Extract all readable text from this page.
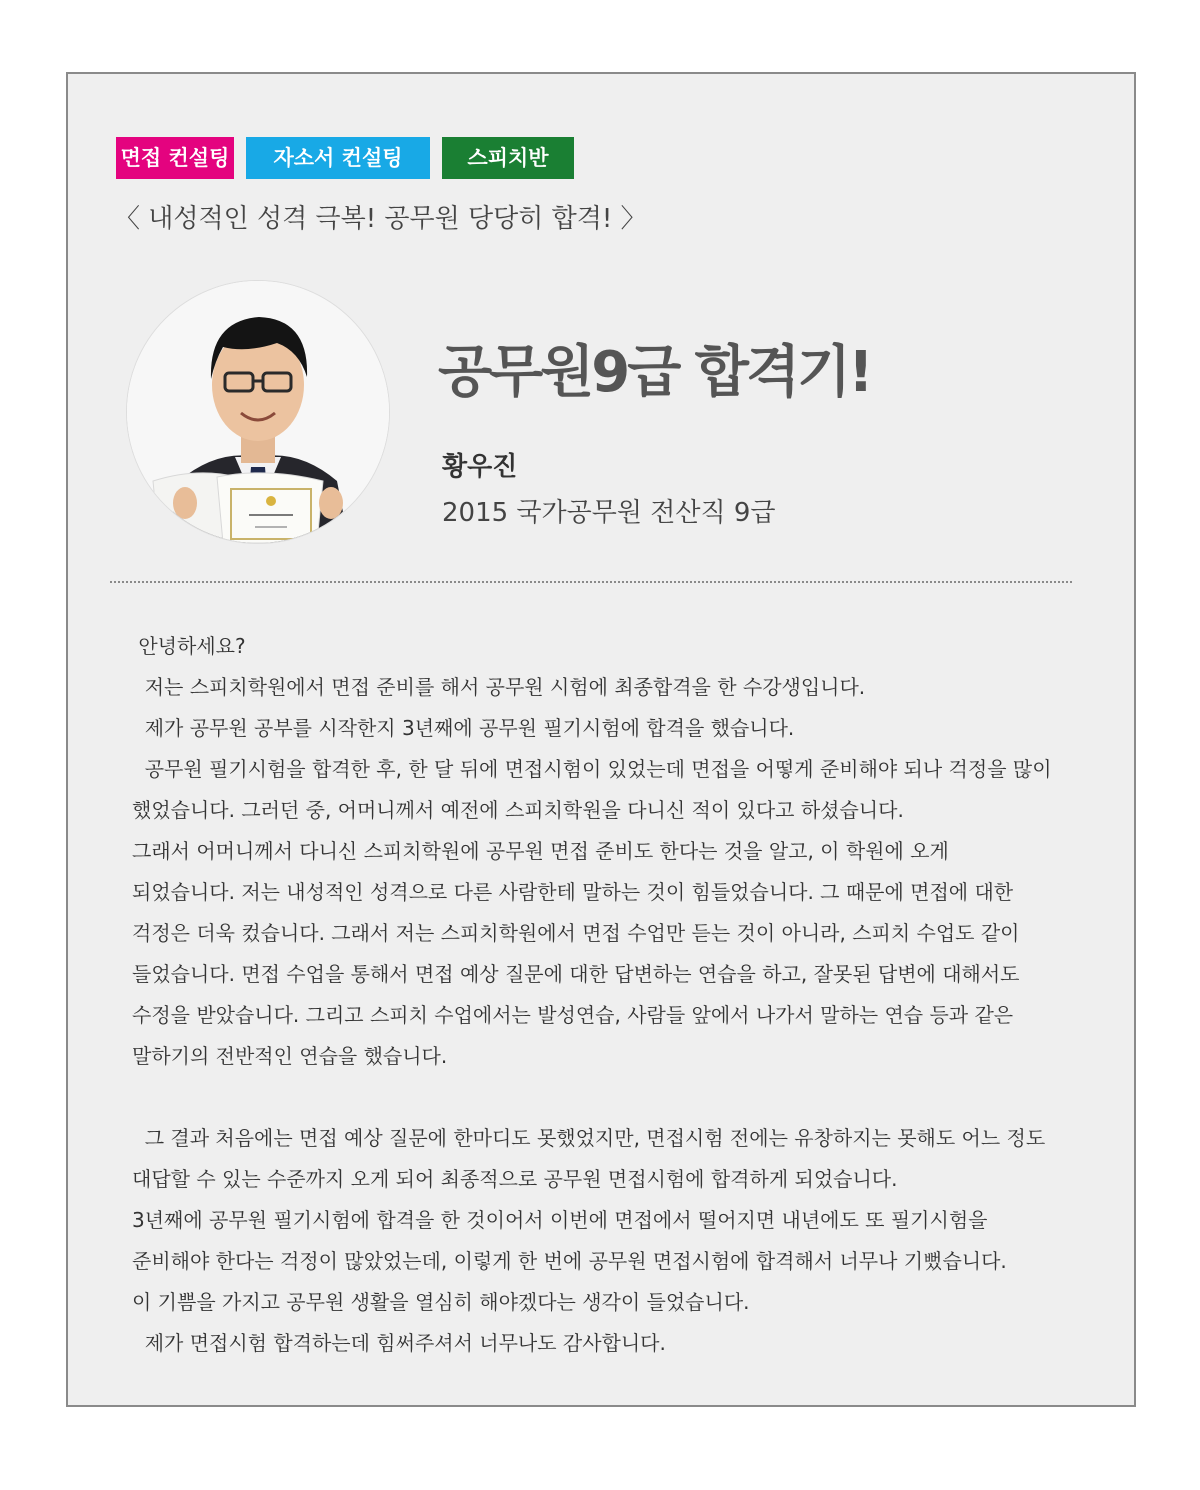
면접 컨설팅	자소서 컨설팅	스피치반
〈 내성적인 성격 극복! 공무원 당당히 합격! 〉
공무원9급 합격기!
황우진
2015 국가공무원 전산직 9급
안녕하세요?
저는 스피치학원에서 면접 준비를 해서 공무원 시험에 최종합격을 한 수강생입니다.
제가 공무원 공부를 시작한지 3년째에 공무원 필기시험에 합격을 했습니다.
공무원 필기시험을 합격한 후, 한 달 뒤에 면접시험이 있었는데 면접을 어떻게 준비해야 되나 걱정을 많이
했었습니다. 그러던 중, 어머니께서 예전에 스피치학원을 다니신 적이 있다고 하셨습니다.
그래서 어머니께서 다니신 스피치학원에 공무원 면접 준비도 한다는 것을 알고, 이 학원에 오게
되었습니다. 저는 내성적인 성격으로 다른 사람한테 말하는 것이 힘들었습니다. 그 때문에 면접에 대한
걱정은 더욱 컸습니다. 그래서 저는 스피치학원에서 면접 수업만 듣는 것이 아니라, 스피치 수업도 같이
들었습니다. 면접 수업을 통해서 면접 예상 질문에 대한 답변하는 연습을 하고, 잘못된 답변에 대해서도
수정을 받았습니다. 그리고 스피치 수업에서는 발성연습, 사람들 앞에서 나가서 말하는 연습 등과 같은
말하기의 전반적인 연습을 했습니다.
그 결과 처음에는 면접 예상 질문에 한마디도 못했었지만, 면접시험 전에는 유창하지는 못해도 어느 정도
대답할 수 있는 수준까지 오게 되어 최종적으로 공무원 면접시험에 합격하게 되었습니다.
3년째에 공무원 필기시험에 합격을 한 것이어서 이번에 면접에서 떨어지면 내년에도 또 필기시험을
준비해야 한다는 걱정이 많았었는데, 이렇게 한 번에 공무원 면접시험에 합격해서 너무나 기뻤습니다.
이 기쁨을 가지고 공무원 생활을 열심히 해야겠다는 생각이 들었습니다.
제가 면접시험 합격하는데 힘써주셔서 너무나도 감사합니다.
